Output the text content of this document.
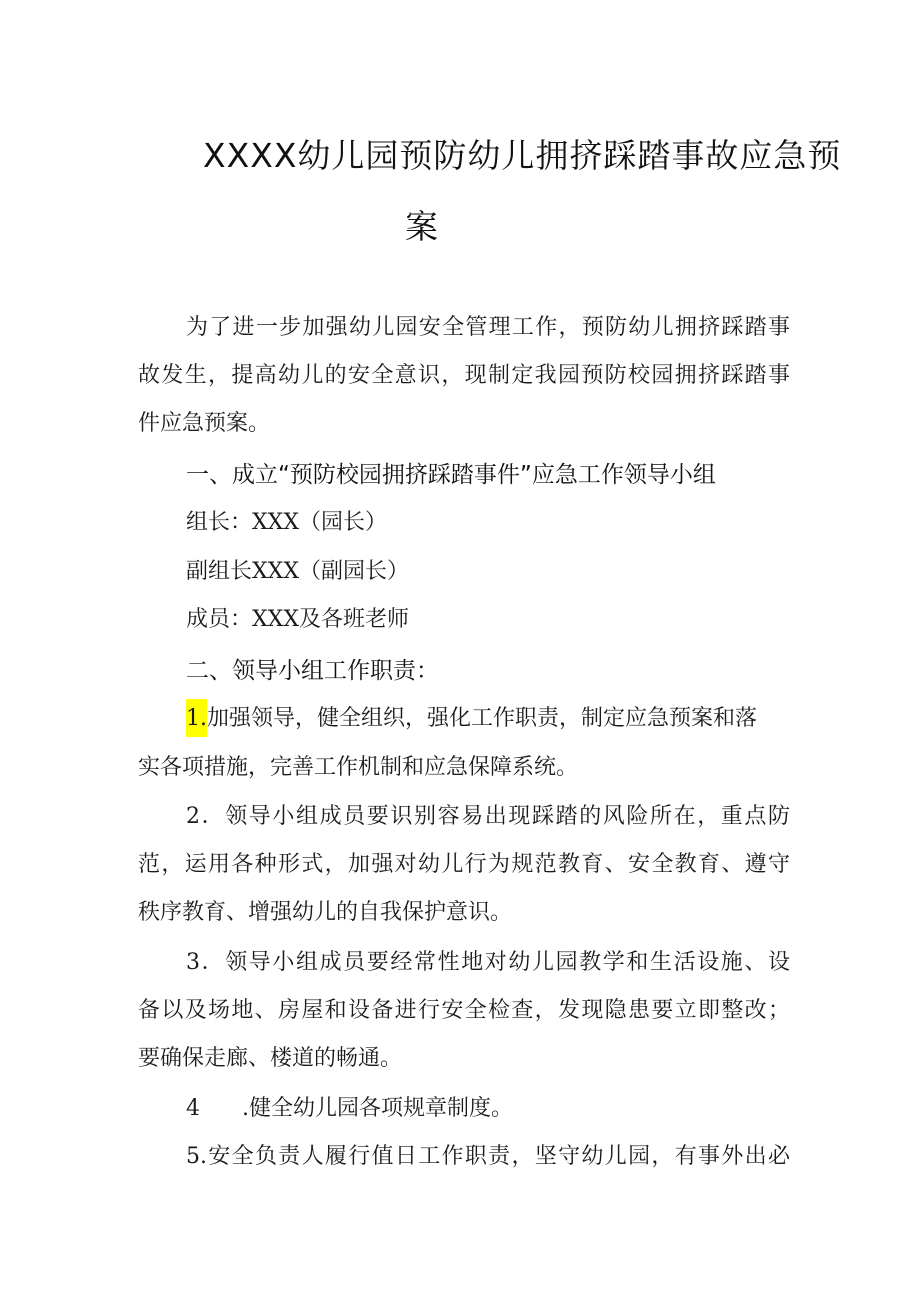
XXXX幼儿园预防幼儿拥挤踩踏事故应急预
案
为了进一步加强幼儿园安全管理工作，预防幼儿拥挤踩踏事
故发生，提高幼儿的安全意识，现制定我园预防校园拥挤踩踏事
件应急预案。
一、成立“预防校园拥挤踩踏事件”应急工作领导小组
组长：XXX（园长）
副组长XXX（副园长）
成员：XXX及各班老师
二、领导小组工作职责：
1.加强领导，健全组织，强化工作职责，制定应急预案和落
实各项措施，完善工作机制和应急保障系统。
2．领导小组成员要识别容易出现踩踏的风险所在，重点防
范，运用各种形式，加强对幼儿行为规范教育、安全教育、遵守
秩序教育、增强幼儿的自我保护意识。
3．领导小组成员要经常性地对幼儿园教学和生活设施、设
备以及场地、房屋和设备进行安全检查，发现隐患要立即整改；
要确保走廊、楼道的畅通。
4 .健全幼儿园各项规章制度。
5.安全负责人履行值日工作职责，坚守幼儿园，有事外出必
